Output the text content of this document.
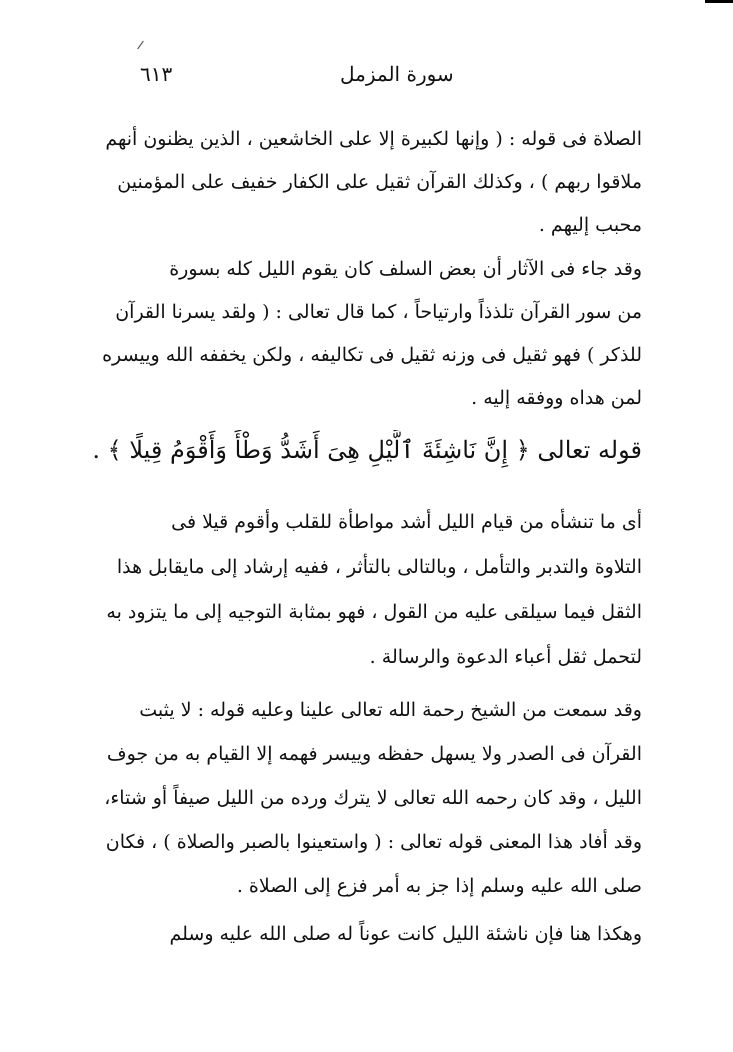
٦١٣	سورة المزمل
الصلاة فى قوله : ( وإنها لكبيرة إلا على الخاشعين ، الذين يظنون أنهم
ملاقوا ربهم ) ، وكذلك القرآن ثقيل على الكفار خفيف على المؤمنين
محبب إليهم .
وقد جاء فى الآثار أن بعض السلف كان يقوم الليل كله بسورة
من سور القرآن تلذذاً وارتياحاً ، كما قال تعالى : ( ولقد يسرنا القرآن
للذكر ) فهو ثقيل فى وزنه ثقيل فى تكاليفه ، ولكن يخففه الله وييسره
لمن هداه ووفقه إليه .
قوله تعالى ﴿ إِنَّ نَاشِئَةَ ٱلَّيْلِ هِىَ أَشَدُّ وَطْأً وَأَقْوَمُ قِيلًا ﴾ .
أى ما تنشأه من قيام الليل أشد مواطأة للقلب وأقوم قيلا فى
التلاوة والتدبر والتأمل ، وبالتالى بالتأثر ، ففيه إرشاد إلى مايقابل هذا
الثقل فيما سيلقى عليه من القول ، فهو بمثابة التوجيه إلى ما يتزود به
لتحمل ثقل أعباء الدعوة والرسالة .
وقد سمعت من الشيخ رحمة الله تعالى علينا وعليه قوله : لا يثبت
القرآن فى الصدر ولا يسهل حفظه وييسر فهمه إلا القيام به من جوف
الليل ، وقد كان رحمه الله تعالى لا يترك ورده من الليل صيفاً أو شتاء،
وقد أفاد هذا المعنى قوله تعالى : ( واستعينوا بالصبر والصلاة ) ، فكان
صلى الله عليه وسلم إذا جز به أمر فزع إلى الصلاة .
وهكذا هنا فإن ناشئة الليل كانت عوناً له صلى الله عليه وسلم
